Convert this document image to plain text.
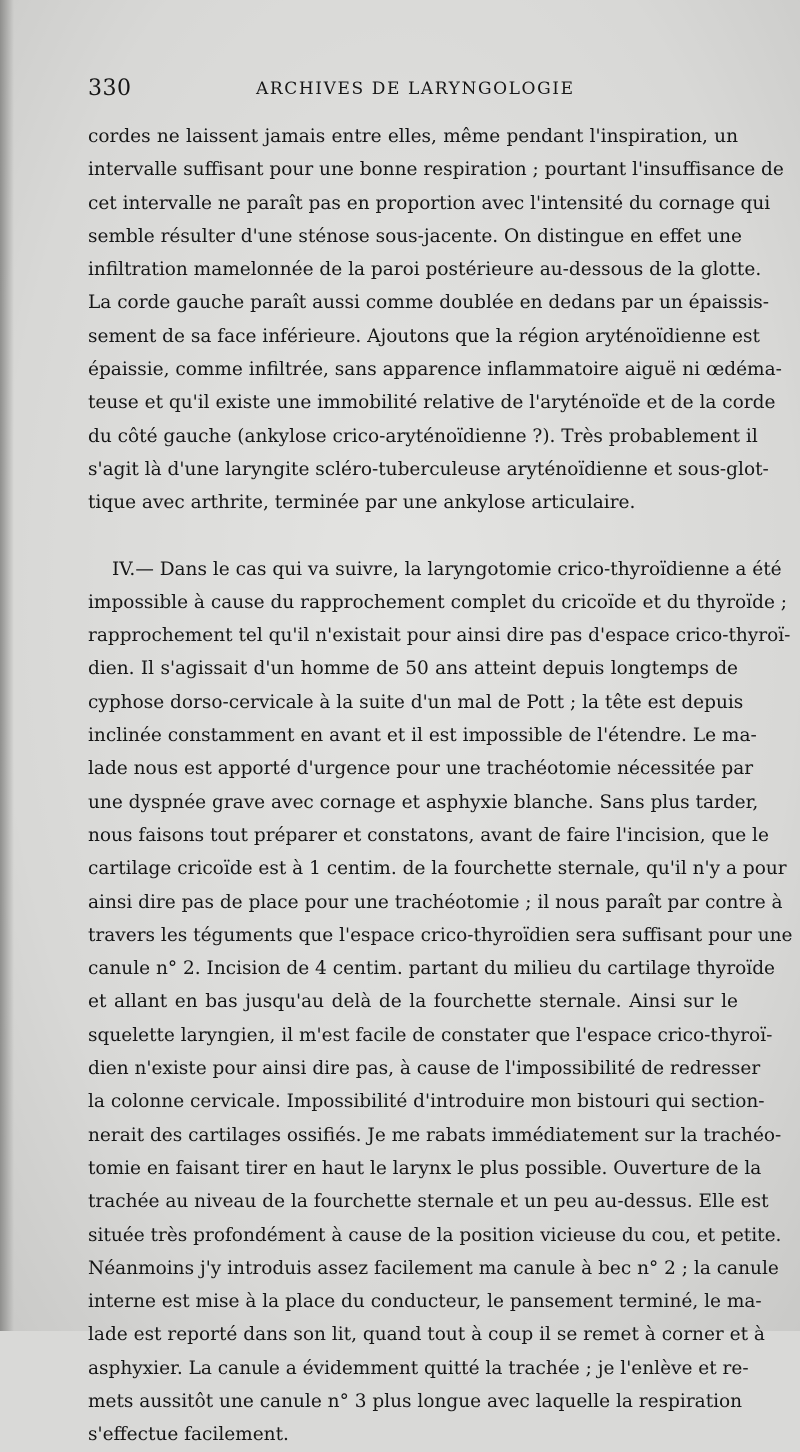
330	ARCHIVES DE LARYNGOLOGIE
cordes ne laissent jamais entre elles, même pendant l'inspiration, un
intervalle suffisant pour une bonne respiration ; pourtant l'insuffisance de
cet intervalle ne paraît pas en proportion avec l'intensité du cornage qui
semble résulter d'une sténose sous-jacente. On distingue en effet une
infiltration mamelonnée de la paroi postérieure au-dessous de la glotte.
La corde gauche paraît aussi comme doublée en dedans par un épaissis-
sement de sa face inférieure. Ajoutons que la région aryténoïdienne est
épaissie, comme infiltrée, sans apparence inflammatoire aiguë ni œdéma-
teuse et qu'il existe une immobilité relative de l'aryténoïde et de la corde
du côté gauche (ankylose crico-aryténoïdienne ?). Très probablement il
s'agit là d'une laryngite scléro-tuberculeuse aryténoïdienne et sous-glot-
tique avec arthrite, terminée par une ankylose articulaire.
IV.— Dans le cas qui va suivre, la laryngotomie crico-thyroïdienne a été
impossible à cause du rapprochement complet du cricoïde et du thyroïde ;
rapprochement tel qu'il n'existait pour ainsi dire pas d'espace crico-thyroï-
dien. Il s'agissait d'un homme de 50 ans atteint depuis longtemps de
cyphose dorso-cervicale à la suite d'un mal de Pott ; la tête est depuis
inclinée constamment en avant et il est impossible de l'étendre. Le ma-
lade nous est apporté d'urgence pour une trachéotomie nécessitée par
une dyspnée grave avec cornage et asphyxie blanche. Sans plus tarder,
nous faisons tout préparer et constatons, avant de faire l'incision, que le
cartilage cricoïde est à 1 centim. de la fourchette sternale, qu'il n'y a pour
ainsi dire pas de place pour une trachéotomie ; il nous paraît par contre à
travers les téguments que l'espace crico-thyroïdien sera suffisant pour une
canule n° 2. Incision de 4 centim. partant du milieu du cartilage thyroïde
et allant en bas jusqu'au delà de la fourchette sternale. Ainsi sur le
squelette laryngien, il m'est facile de constater que l'espace crico-thyroï-
dien n'existe pour ainsi dire pas, à cause de l'impossibilité de redresser
la colonne cervicale. Impossibilité d'introduire mon bistouri qui section-
nerait des cartilages ossifiés. Je me rabats immédiatement sur la trachéo-
tomie en faisant tirer en haut le larynx le plus possible. Ouverture de la
trachée au niveau de la fourchette sternale et un peu au-dessus. Elle est
située très profondément à cause de la position vicieuse du cou, et petite.
Néanmoins j'y introduis assez facilement ma canule à bec n° 2 ; la canule
interne est mise à la place du conducteur, le pansement terminé, le ma-
lade est reporté dans son lit, quand tout à coup il se remet à corner et à
asphyxier. La canule a évidemment quitté la trachée ; je l'enlève et re-
mets aussitôt une canule n° 3 plus longue avec laquelle la respiration
s'effectue facilement.
